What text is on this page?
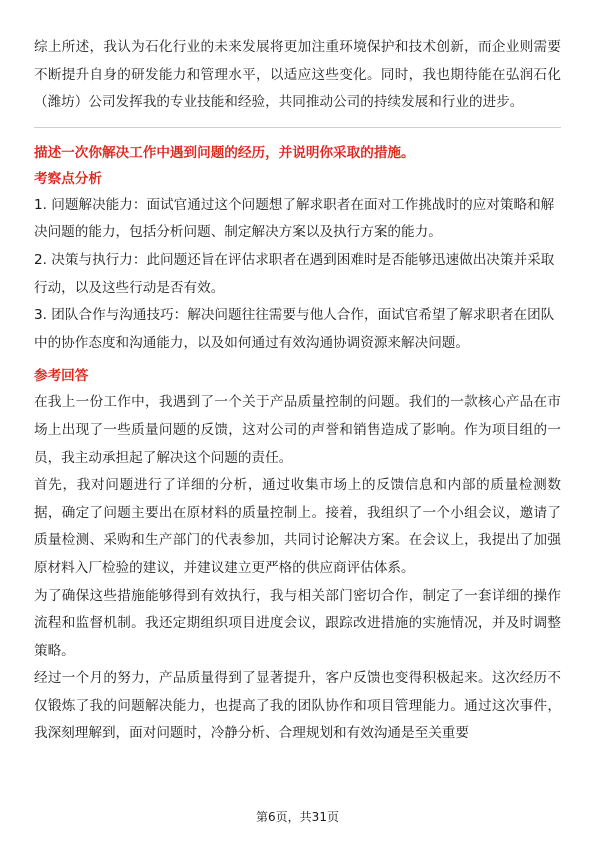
综上所述，我认为石化行业的未来发展将更加注重环境保护和技术创新，而企业则需要不断提升自身的研发能力和管理水平，以适应这些变化。同时，我也期待能在弘润石化（潍坊）公司发挥我的专业技能和经验，共同推动公司的持续发展和行业的进步。

描述一次你解决工作中遇到问题的经历，并说明你采取的措施。

考察点分析

1. 问题解决能力：面试官通过这个问题想了解求职者在面对工作挑战时的应对策略和解决问题的能力，包括分析问题、制定解决方案以及执行方案的能力。

2. 决策与执行力：此问题还旨在评估求职者在遇到困难时是否能够迅速做出决策并采取行动，以及这些行动是否有效。

3. 团队合作与沟通技巧：解决问题往往需要与他人合作，面试官希望了解求职者在团队中的协作态度和沟通能力，以及如何通过有效沟通协调资源来解决问题。

参考回答

在我上一份工作中，我遇到了一个关于产品质量控制的问题。我们的一款核心产品在市场上出现了一些质量问题的反馈，这对公司的声誉和销售造成了影响。作为项目组的一员，我主动承担起了解决这个问题的责任。

首先，我对问题进行了详细的分析，通过收集市场上的反馈信息和内部的质量检测数据，确定了问题主要出在原材料的质量控制上。接着，我组织了一个小组会议，邀请了质量检测、采购和生产部门的代表参加，共同讨论解决方案。在会议上，我提出了加强原材料入厂检验的建议，并建议建立更严格的供应商评估体系。

为了确保这些措施能够得到有效执行，我与相关部门密切合作，制定了一套详细的操作流程和监督机制。我还定期组织项目进度会议，跟踪改进措施的实施情况，并及时调整策略。

经过一个月的努力，产品质量得到了显著提升，客户反馈也变得积极起来。这次经历不仅锻炼了我的问题解决能力，也提高了我的团队协作和项目管理能力。通过这次事件，我深刻理解到，面对问题时，冷静分析、合理规划和有效沟通是至关重要

第6页，共31页
